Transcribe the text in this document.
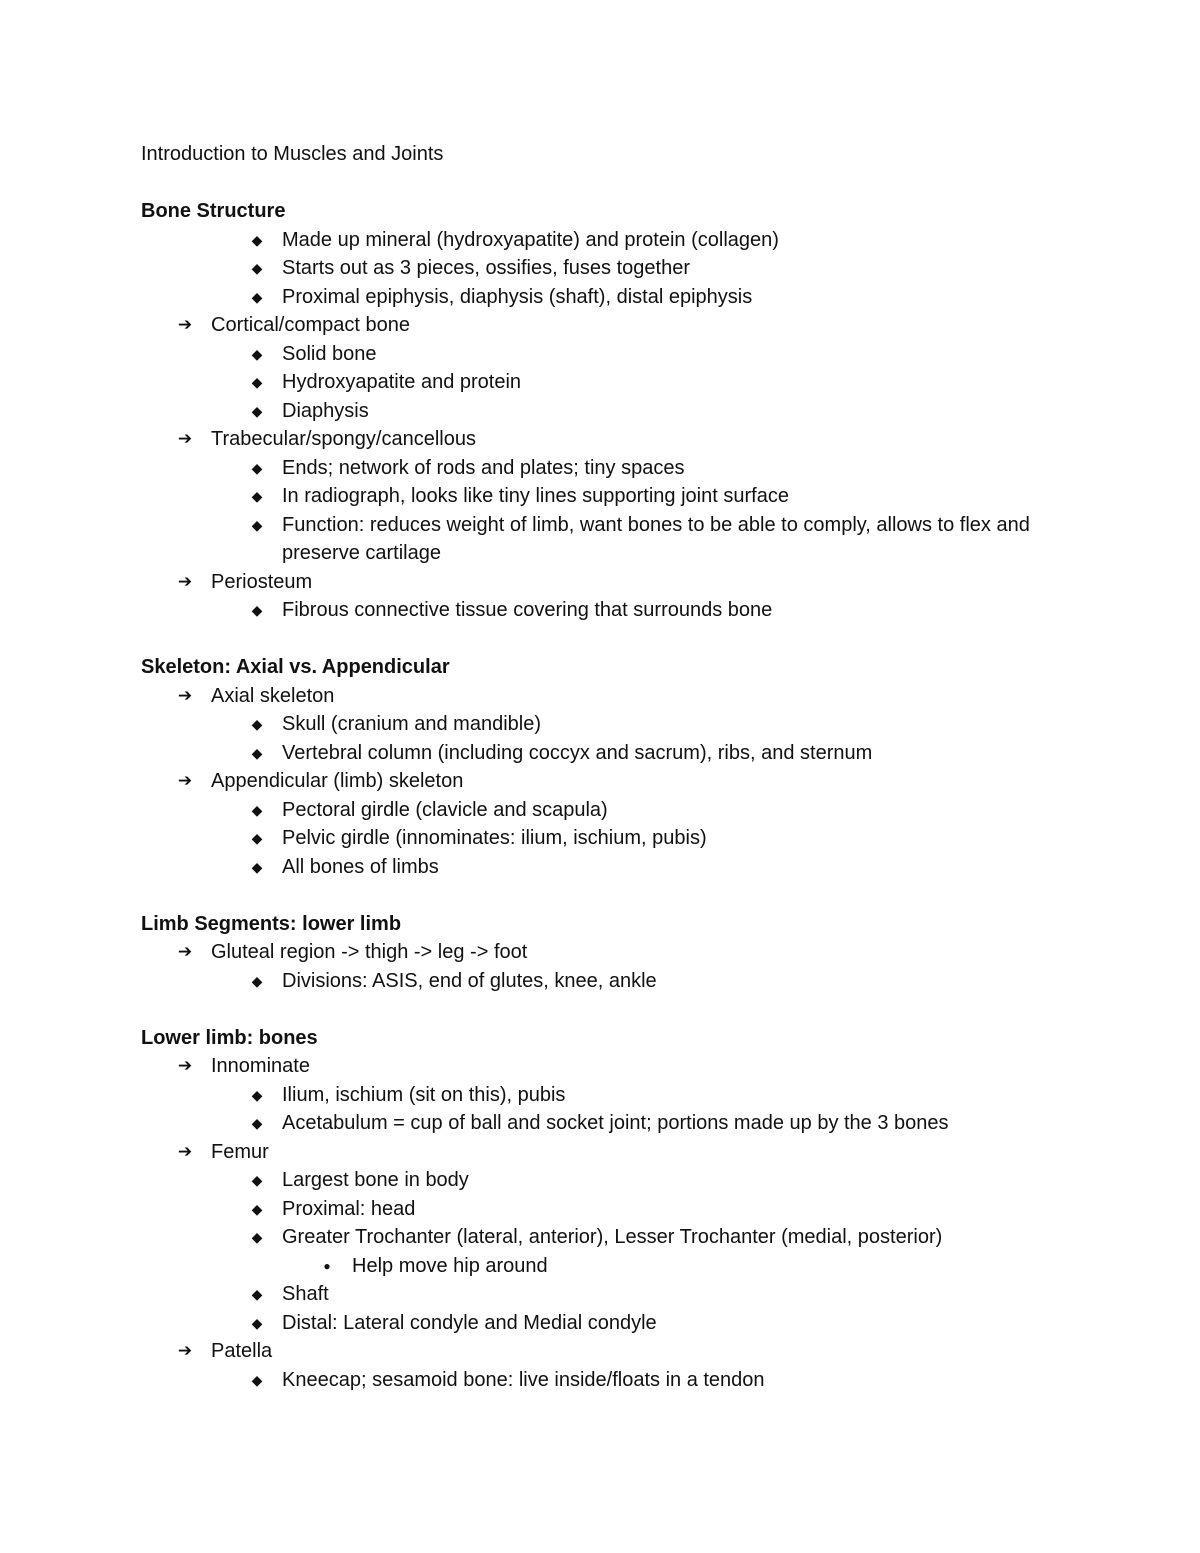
Introduction to Muscles and Joints
Bone Structure
◆ Made up mineral (hydroxyapatite) and protein (collagen)
◆ Starts out as 3 pieces, ossifies, fuses together
◆ Proximal epiphysis, diaphysis (shaft), distal epiphysis
➔ Cortical/compact bone
◆ Solid bone
◆ Hydroxyapatite and protein
◆ Diaphysis
➔ Trabecular/spongy/cancellous
◆ Ends; network of rods and plates; tiny spaces
◆ In radiograph, looks like tiny lines supporting joint surface
◆ Function: reduces weight of limb, want bones to be able to comply, allows to flex and preserve cartilage
➔ Periosteum
◆ Fibrous connective tissue covering that surrounds bone
Skeleton: Axial vs. Appendicular
➔ Axial skeleton
◆ Skull (cranium and mandible)
◆ Vertebral column (including coccyx and sacrum), ribs, and sternum
➔ Appendicular (limb) skeleton
◆ Pectoral girdle (clavicle and scapula)
◆ Pelvic girdle (innominates: ilium, ischium, pubis)
◆ All bones of limbs
Limb Segments: lower limb
➔ Gluteal region -> thigh -> leg -> foot
◆ Divisions: ASIS, end of glutes, knee, ankle
Lower limb: bones
➔ Innominate
◆ Ilium, ischium (sit on this), pubis
◆ Acetabulum = cup of ball and socket joint; portions made up by the 3 bones
➔ Femur
◆ Largest bone in body
◆ Proximal: head
◆ Greater Trochanter (lateral, anterior), Lesser Trochanter (medial, posterior)
●	Help move hip around
◆ Shaft
◆ Distal: Lateral condyle and Medial condyle
➔ Patella
◆ Kneecap; sesamoid bone: live inside/floats in a tendon
